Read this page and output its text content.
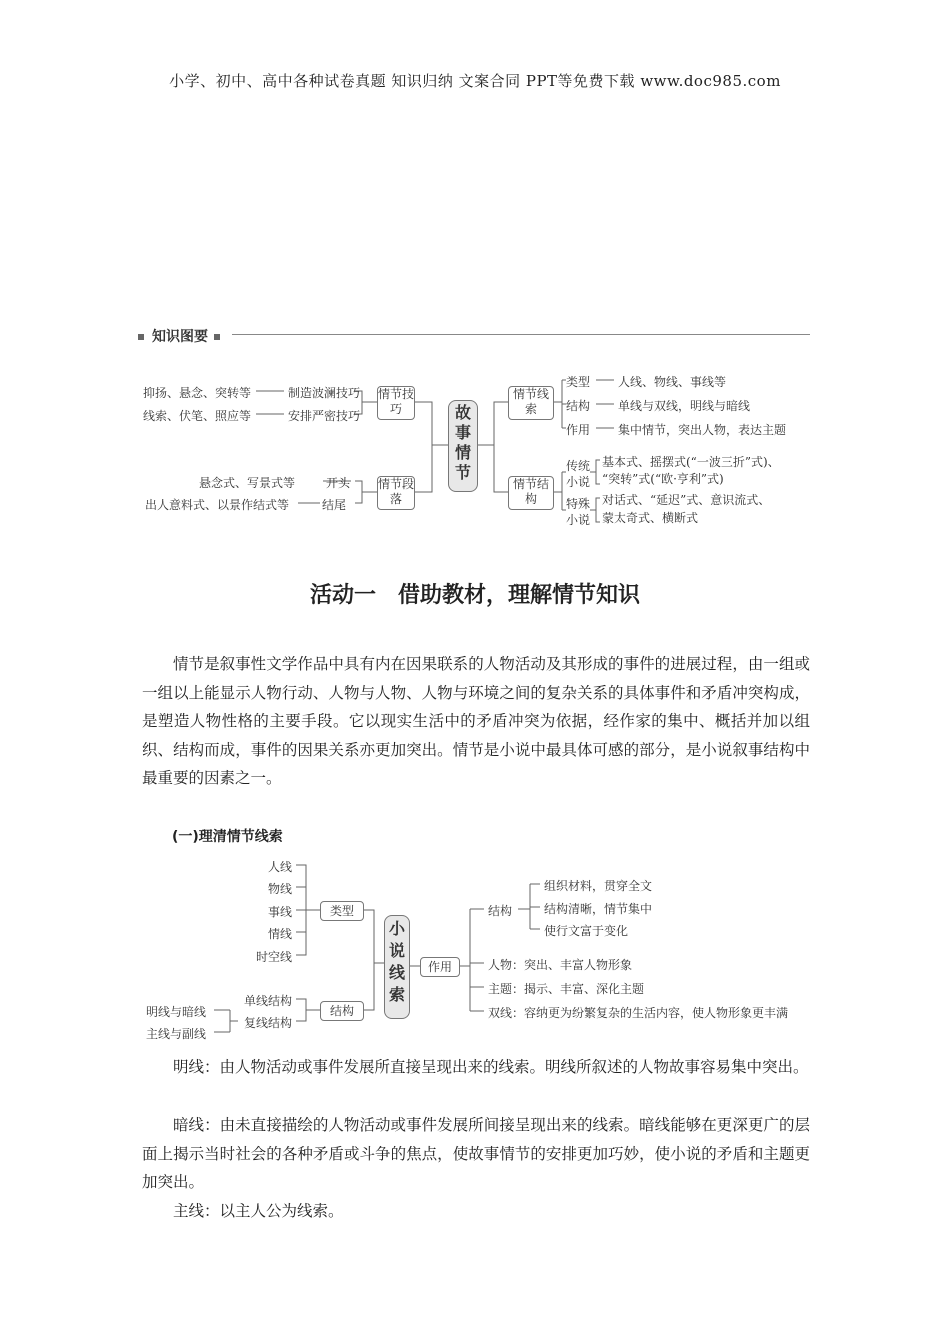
小学、初中、高中各种试卷真题 知识归纳 文案合同 PPT等免费下载 www.doc985.com
知识图要
抑扬、悬念、突转等	制造波澜技巧
线索、伏笔、照应等	安排严密技巧
情节技巧
悬念式、写景式等	开头
出人意料式、以景作结式等	结尾
情节段落
故
事
情
节
情节线索
类型 人线、物线、事线等
结构 单线与双线，明线与暗线
作用 集中情节，突出人物，表达主题
情节结构
传统小说
基本式、摇摆式(“一波三折”式)、
“突转”式(“欧·亨利”式)
特殊小说
对话式、“延迟”式、意识流式、
蒙太奇式、横断式
活动一　借助教材，理解情节知识
情节是叙事性文学作品中具有内在因果联系的人物活动及其形成的事件的进展过程，由一组或一组以上能显示人物行动、人物与人物、人物与环境之间的复杂关系的具体事件和矛盾冲突构成，是塑造人物性格的主要手段。它以现实生活中的矛盾冲突为依据，经作家的集中、概括并加以组织、结构而成，事件的因果关系亦更加突出。情节是小说中最具体可感的部分，是小说叙事结构中最重要的因素之一。
(一)理清情节线索
人线
物线
事线
情线
时空线
类型
明线与暗线
主线与副线
单线结构
复线结构
结构
小
说
线
索
作用
结构
组织材料，贯穿全文
结构清晰，情节集中
使行文富于变化
人物：突出、丰富人物形象
主题：揭示、丰富、深化主题
双线：容纳更为纷繁复杂的生活内容，使人物形象更丰满
明线：由人物活动或事件发展所直接呈现出来的线索。明线所叙述的人物故事容易集中突出。
暗线：由未直接描绘的人物活动或事件发展所间接呈现出来的线索。暗线能够在更深更广的层面上揭示当时社会的各种矛盾或斗争的焦点，使故事情节的安排更加巧妙，使小说的矛盾和主题更加突出。
主线：以主人公为线索。
